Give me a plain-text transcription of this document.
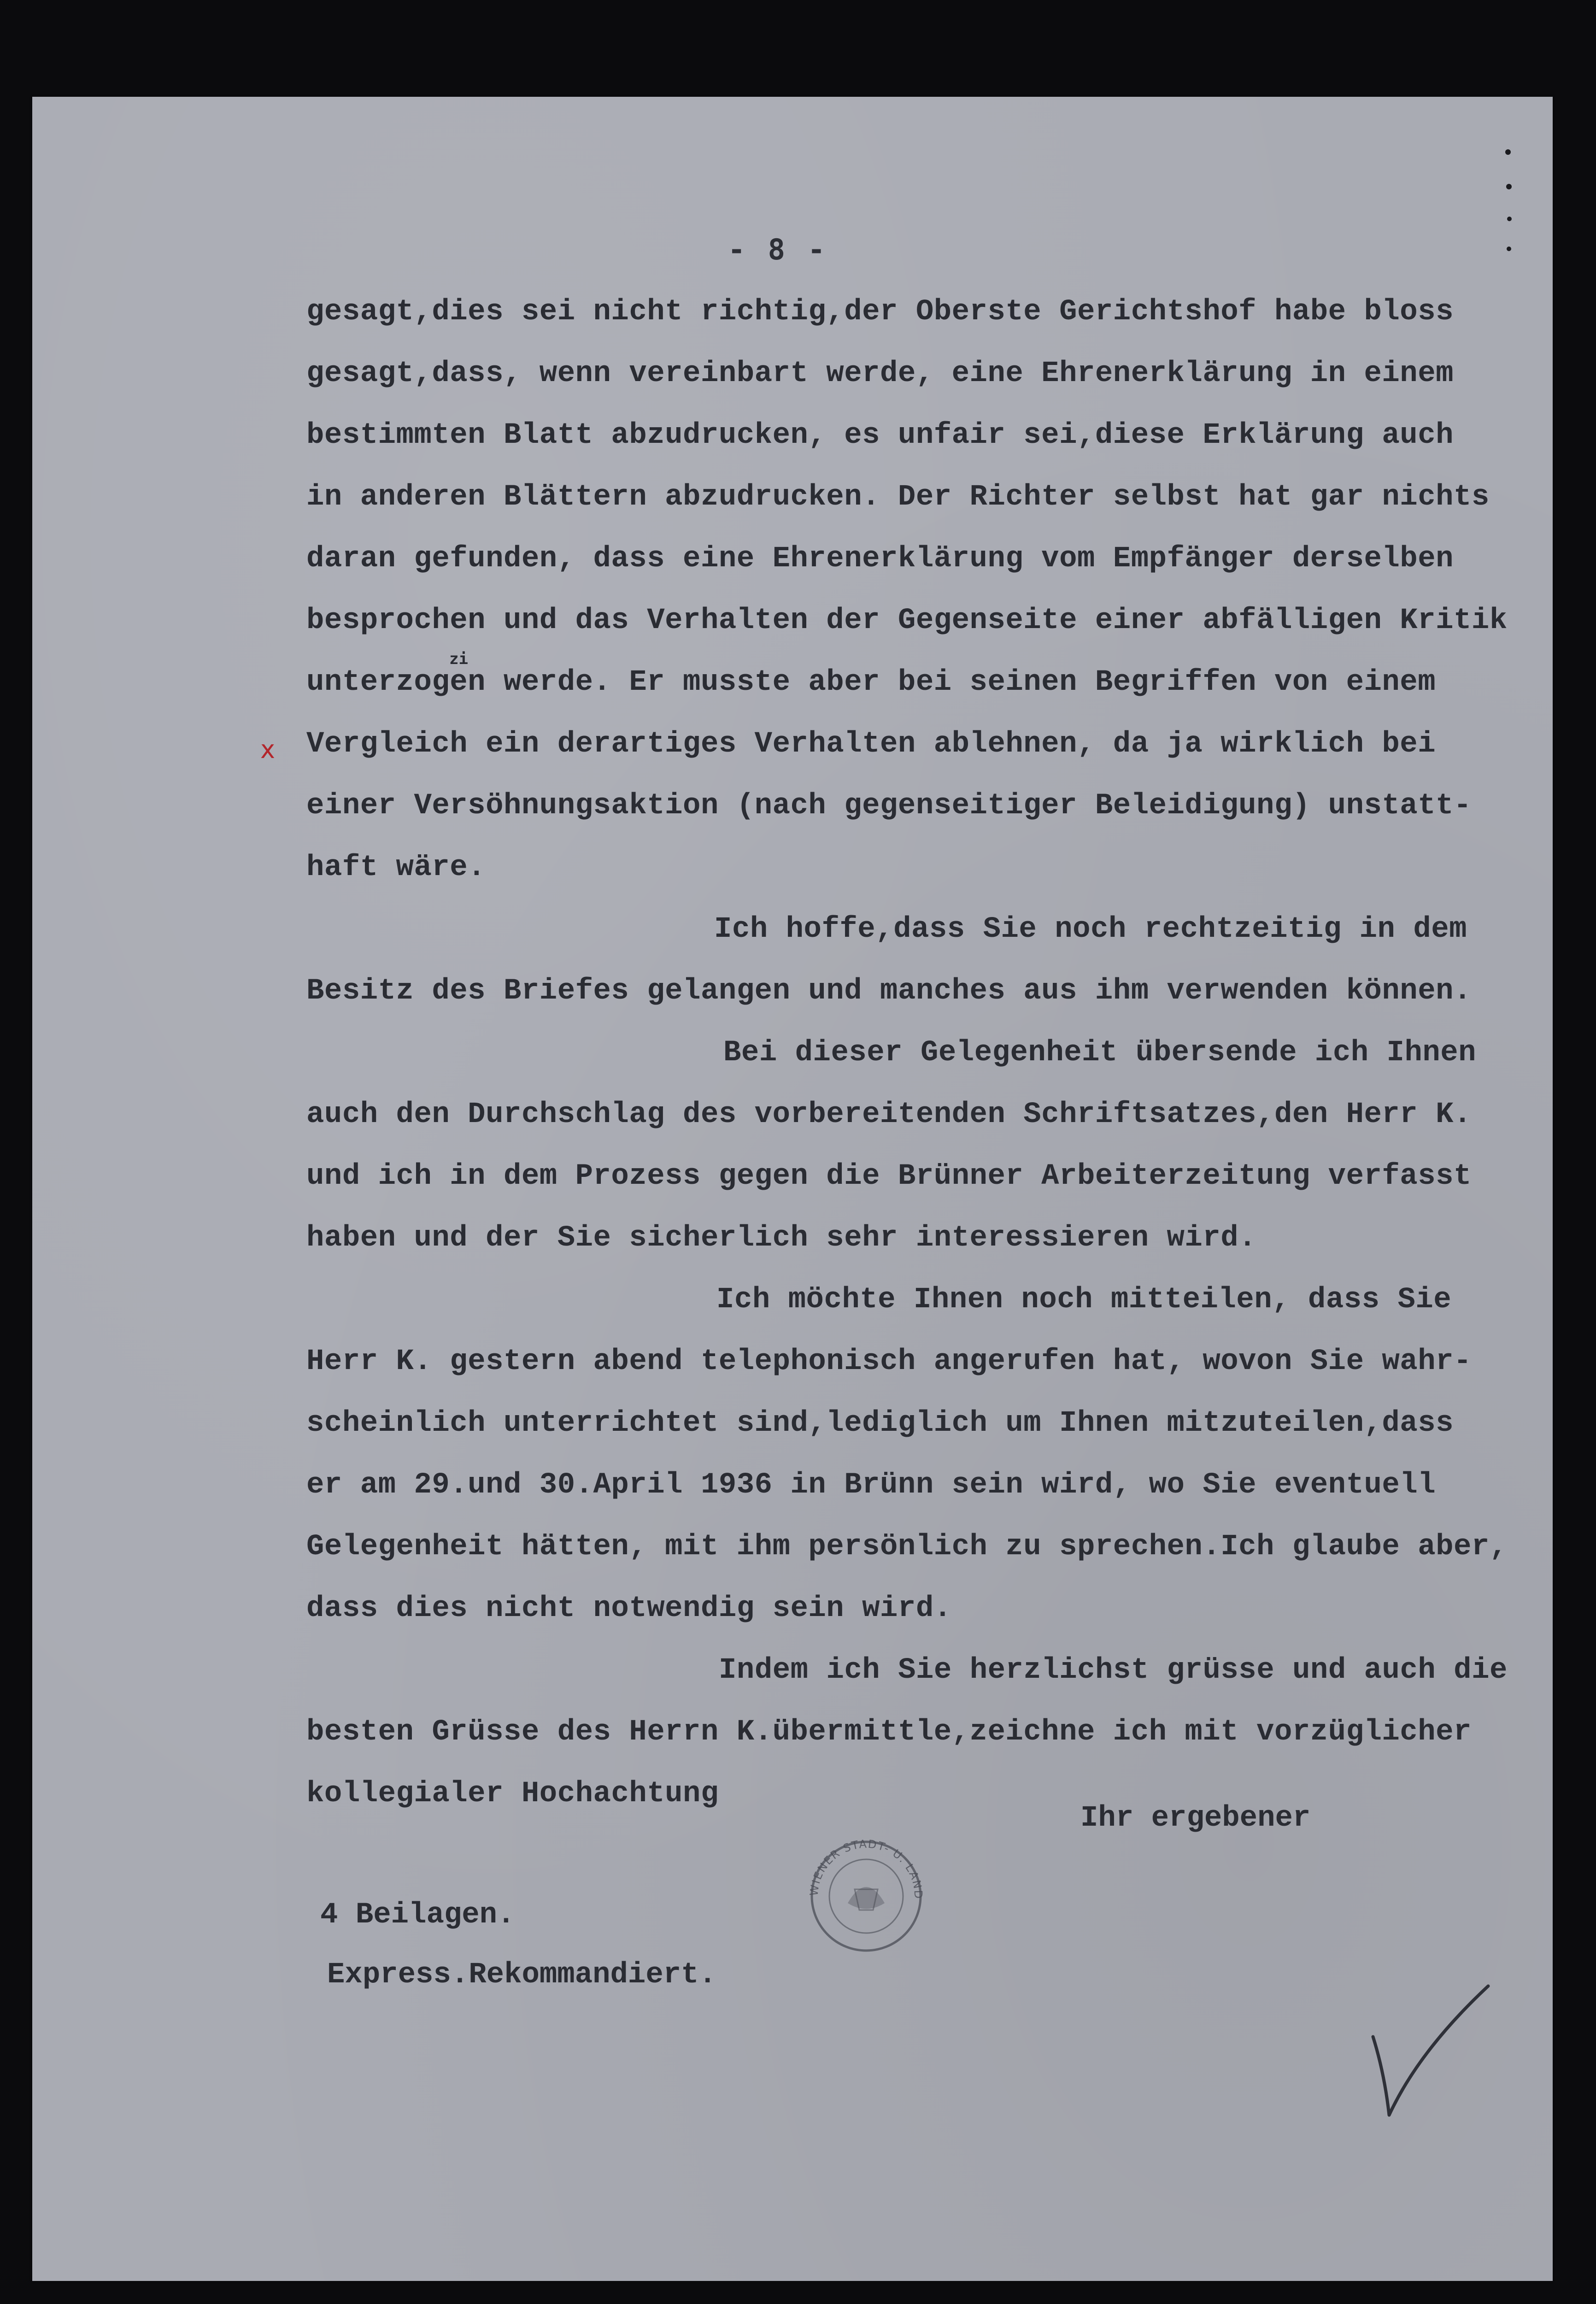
- 8 -
gesagt,dies sei nicht richtig,der Oberste Gerichtshof habe bloss
gesagt,dass, wenn vereinbart werde, eine Ehrenerklärung in einem
bestimmten Blatt abzudrucken, es unfair sei,diese Erklärung auch
in anderen Blättern abzudrucken. Der Richter selbst hat gar nichts
daran gefunden, dass eine Ehrenerklärung vom Empfänger derselben
besprochen und das Verhalten der Gegenseite einer abfälligen Kritik
unterzogen werde. Er musste aber bei seinen Begriffen von einem
Vergleich ein derartiges Verhalten ablehnen, da ja wirklich bei
einer Versöhnungsaktion (nach gegenseitiger Beleidigung) unstatt-
haft wäre.
Ich hoffe,dass Sie noch rechtzeitig in dem
Besitz des Briefes gelangen und manches aus ihm verwenden können.
Bei dieser Gelegenheit übersende ich Ihnen
auch den Durchschlag des vorbereitenden Schriftsatzes,den Herr K.
und ich in dem Prozess gegen die Brünner Arbeiterzeitung verfasst
haben und der Sie sicherlich sehr interessieren wird.
Ich möchte Ihnen noch mitteilen, dass Sie
Herr K. gestern abend telephonisch angerufen hat, wovon Sie wahr-
scheinlich unterrichtet sind,lediglich um Ihnen mitzuteilen,dass
er am 29.und 30.April 1936 in Brünn sein wird, wo Sie eventuell
Gelegenheit hätten, mit ihm persönlich zu sprechen.Ich glaube aber,
dass dies nicht notwendig sein wird.
Indem ich Sie herzlichst grüsse und auch die
besten Grüsse des Herrn K.übermittle,zeichne ich mit vorzüglicher
kollegialer Hochachtung
zi
x
Ihr ergebener
WIENER STADT- U. LAND
4 Beilagen.
Express.Rekommandiert.
